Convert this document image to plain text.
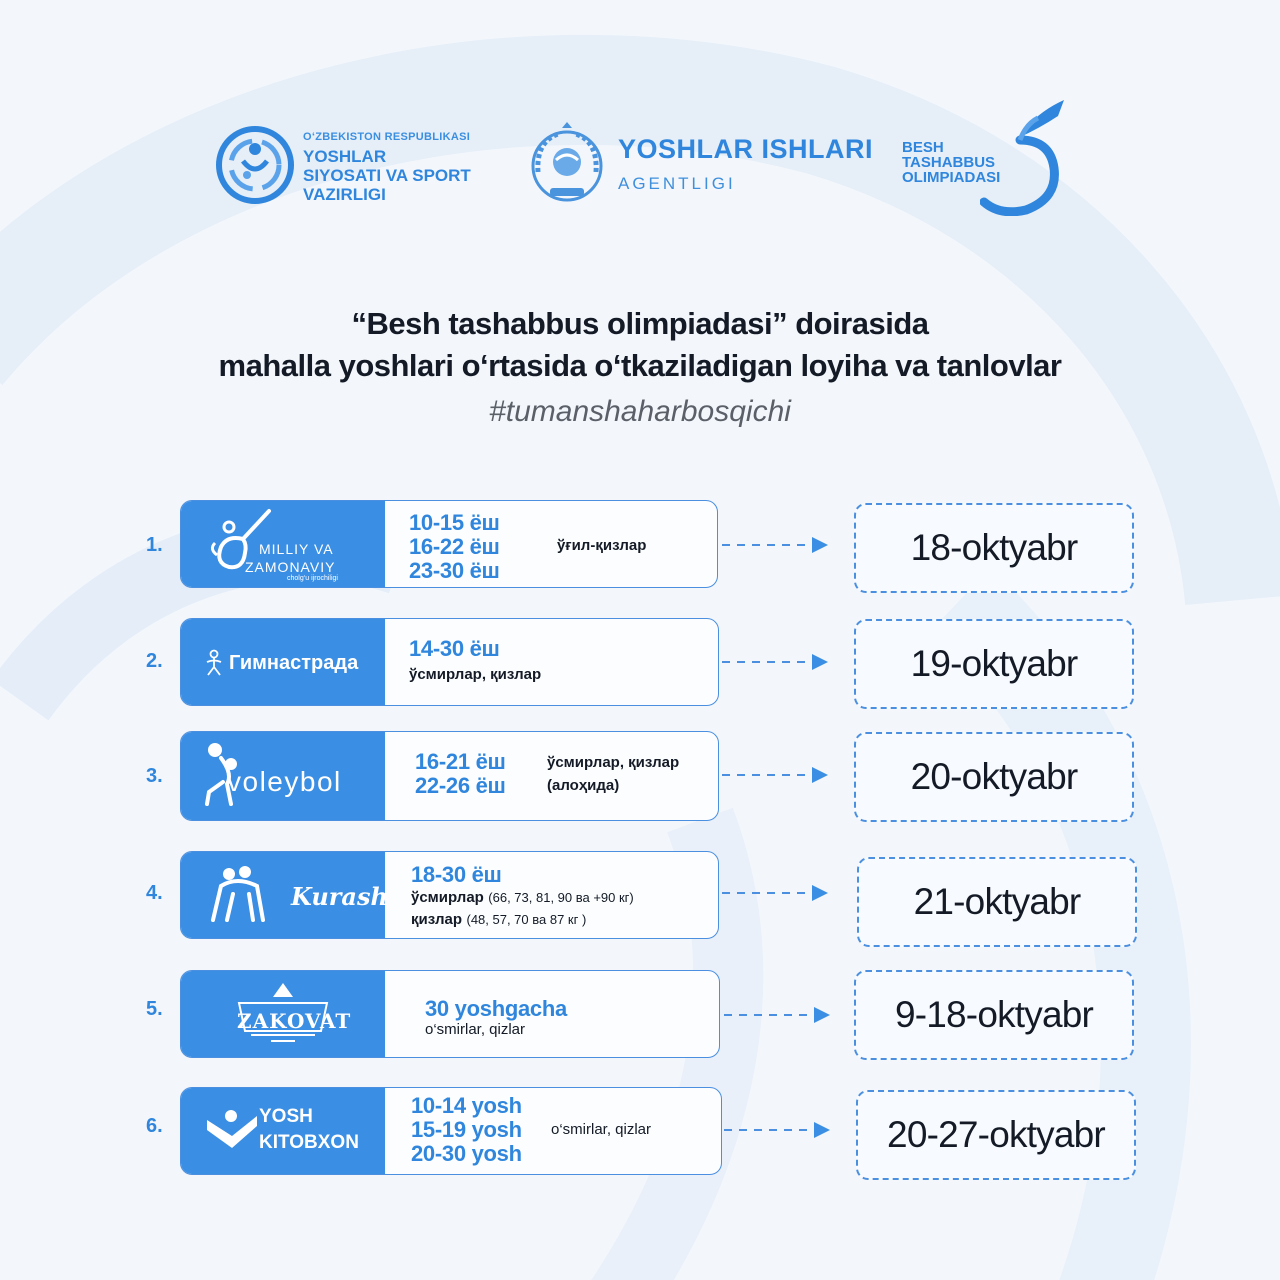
O‘ZBEKISTON RESPUBLIKASI
YOSHLAR
SIYOSATI VA SPORT
VAZIRLIGI
YOSHLAR ISHLARI
AGENTLIGI
BESH
TASHABBUS
OLIMPIADASI
“Besh tashabbus olimpiadasi” doirasida
mahalla yoshlari o‘rtasida o‘tkaziladigan loyiha va tanlovlar
#tumanshaharbosqichi
1.	MILLIY VA
ZAMONAVIY
cholg‘u ijrochiligi
10-15 ёш
16-22 ёш
23-30 ёш
ўғил-қизлар	18-oktyabr
2.	Гимнастрада
14-30 ёш
ўсмирлар, қизлар	19-oktyabr
3. voleybol
16-21 ёш
22-26 ёш
ўсмирлар, қизлар
(алоҳида)	20-oktyabr
4.	Kurash
18-30 ёш
ўсмирлар (66, 73, 81, 90 ва +90 кг)
қизлар (48, 57, 70 ва 87 кг )	21-oktyabr
5.	ZAKOVAT	30 yoshgacha
o‘smirlar, qizlar	9-18-oktyabr
6.	YOSH
KITOBXON
10-14 yosh
15-19 yosh
20-30 yosh
o‘smirlar, qizlar	20-27-oktyabr
